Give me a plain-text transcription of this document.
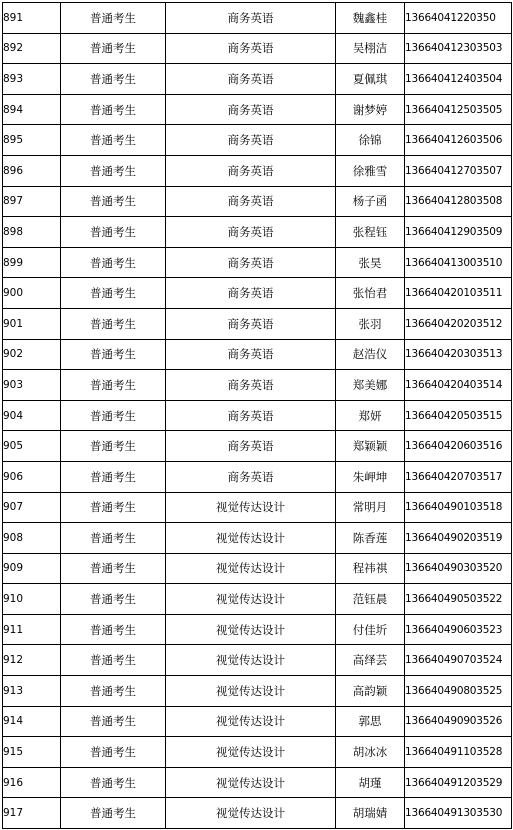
891	普通考生	商务英语	魏鑫桂	13664041220350
892	普通考生	商务英语	吴栩洁	136640412303503
893	普通考生	商务英语	夏佩琪	136640412403504
894	普通考生	商务英语	谢梦婷	136640412503505
895	普通考生	商务英语	徐锦	136640412603506
896	普通考生	商务英语	徐雅雪	136640412703507
897	普通考生	商务英语	杨子函	136640412803508
898	普通考生	商务英语	张程钰	136640412903509
899	普通考生	商务英语	张昊	136640413003510
900	普通考生	商务英语	张怡君	136640420103511
901	普通考生	商务英语	张羽	136640420203512
902	普通考生	商务英语	赵浩仪	136640420303513
903	普通考生	商务英语	郑美娜	136640420403514
904	普通考生	商务英语	郑妍	136640420503515
905	普通考生	商务英语	郑颖颖	136640420603516
906	普通考生	商务英语	朱岬坤	136640420703517
907	普通考生	视觉传达设计	常明月	136640490103518
908	普通考生	视觉传达设计	陈香莲	136640490203519
909	普通考生	视觉传达设计	程祎祺	136640490303520
910	普通考生	视觉传达设计	范钰晨	136640490503522
911	普通考生	视觉传达设计	付佳圻	136640490603523
912	普通考生	视觉传达设计	高绎芸	136640490703524
913	普通考生	视觉传达设计	高韵颖	136640490803525
914	普通考生	视觉传达设计	郭思	136640490903526
915	普通考生	视觉传达设计	胡冰冰	136640491103528
916	普通考生	视觉传达设计	胡瑾	136640491203529
917	普通考生	视觉传达设计	胡瑞婧	136640491303530
